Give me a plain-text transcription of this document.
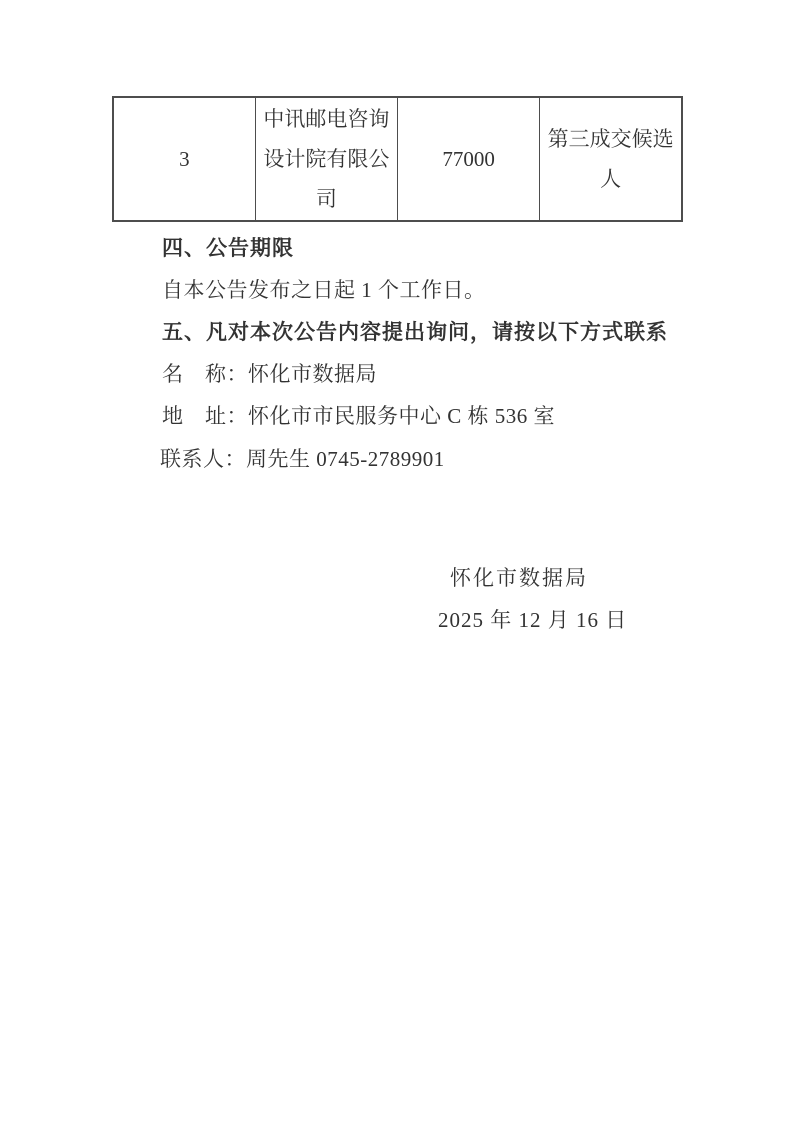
3	中讯邮电咨询设计院有限公司	77000	第三成交候选人
四、公告期限

自本公告发布之日起 1 个工作日。

五、凡对本次公告内容提出询问，请按以下方式联系

名　称：怀化市数据局

地　址：怀化市市民服务中心 C 栋 536 室

联系人：周先生 0745-2789901

怀化市数据局

2025 年 12 月 16 日
